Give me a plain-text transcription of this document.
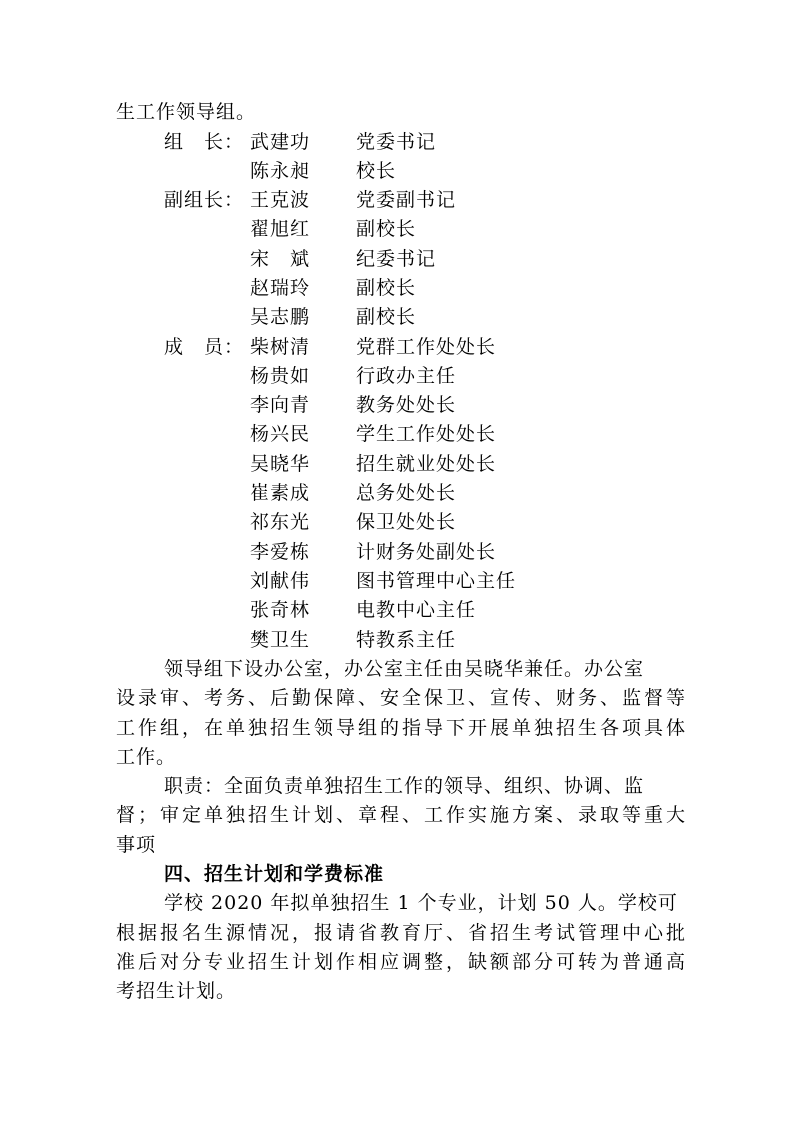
生工作领导组。
组　长： 武建功 党委书记
陈永昶 校长
副组长： 王克波 党委副书记
翟旭红 副校长
宋　斌 纪委书记
赵瑞玲 副校长
吴志鹏 副校长
成　员： 柴树清 党群工作处处长
杨贵如 行政办主任
李向青 教务处处长
杨兴民 学生工作处处长
吴晓华 招生就业处处长
崔素成 总务处处长
祁东光 保卫处处长
李爱栋 计财务处副处长
刘献伟 图书管理中心主任
张奇林 电教中心主任
樊卫生 特教系主任
领导组下设办公室，办公室主任由吴晓华兼任。办公室
设录审、考务、后勤保障、安全保卫、宣传、财务、监督等
工作组，在单独招生领导组的指导下开展单独招生各项具体
工作。
职责：全面负责单独招生工作的领导、组织、协调、监
督；审定单独招生计划、章程、工作实施方案、录取等重大
事项
四、招生计划和学费标准
学校 2020 年拟单独招生 1 个专业，计划 50 人。学校可
根据报名生源情况，报请省教育厅、省招生考试管理中心批
准后对分专业招生计划作相应调整，缺额部分可转为普通高
考招生计划。
